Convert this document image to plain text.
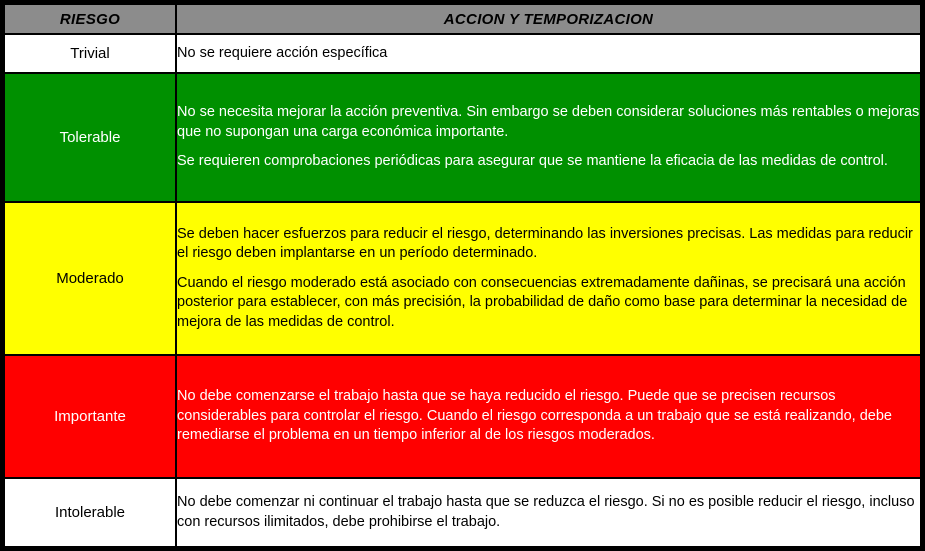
RIESGO	ACCION Y TEMPORIZACION
Trivial	No se requiere acción específica

Tolerable	No se necesita mejorar la acción preventiva. Sin embargo se deben considerar soluciones más rentables o mejoras que no supongan una carga económica importante.

Se requieren comprobaciones periódicas para asegurar que se mantiene la eficacia de las medidas de control.

Moderado	Se deben hacer esfuerzos para reducir el riesgo, determinando las inversiones precisas. Las medidas para reducir el riesgo deben implantarse en un período determinado.

Cuando el riesgo moderado está asociado con consecuencias extremadamente dañinas, se precisará una acción posterior para establecer, con más precisión, la probabilidad de daño como base para determinar la necesidad de mejora de las medidas de control.

Importante	No debe comenzarse el trabajo hasta que se haya reducido el riesgo. Puede que se precisen recursos considerables para controlar el riesgo. Cuando el riesgo corresponda a un trabajo que se está realizando, debe remediarse el problema en un tiempo inferior al de los riesgos moderados.

Intolerable	No debe comenzar ni continuar el trabajo hasta que se reduzca el riesgo. Si no es posible reducir el riesgo, incluso con recursos ilimitados, debe prohibirse el trabajo.
